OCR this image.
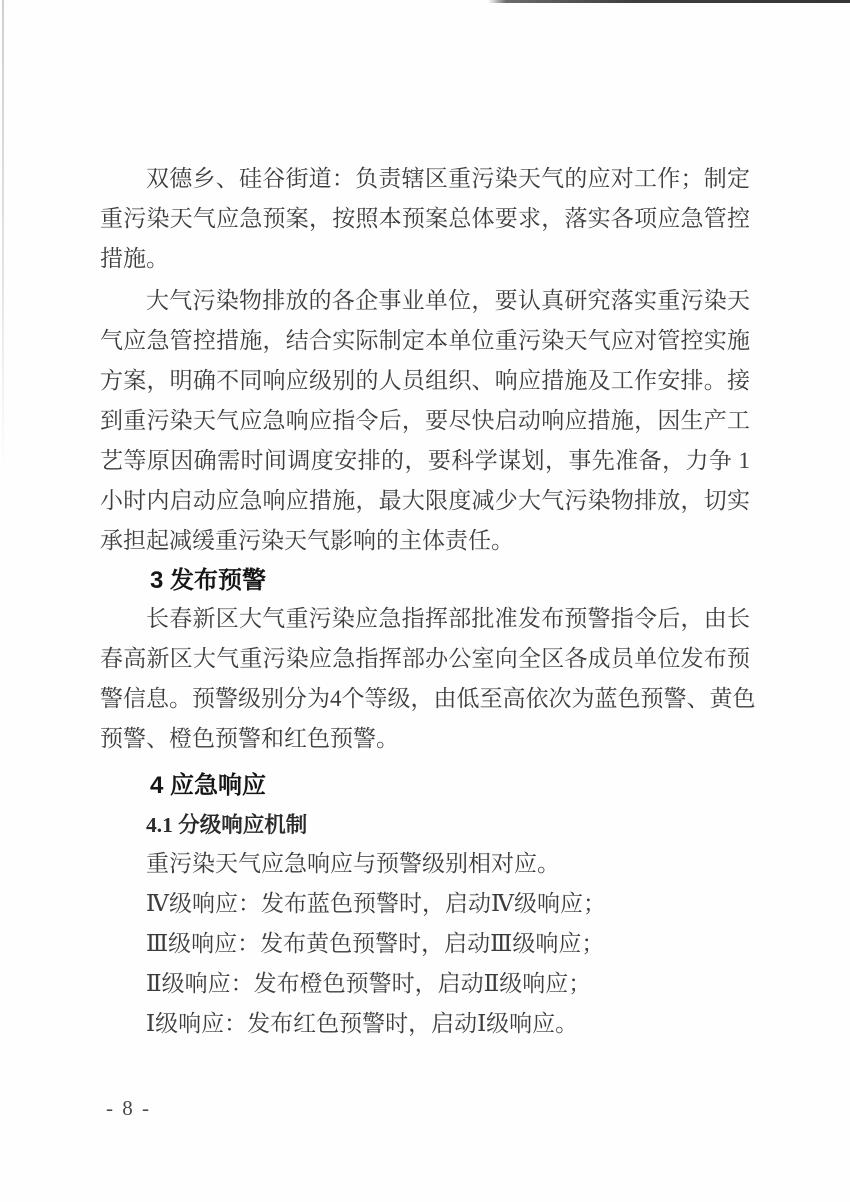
双德乡、硅谷街道：负责辖区重污染天气的应对工作；制定
重污染天气应急预案，按照本预案总体要求，落实各项应急管控
措施。
大气污染物排放的各企事业单位，要认真研究落实重污染天
气应急管控措施，结合实际制定本单位重污染天气应对管控实施
方案，明确不同响应级别的人员组织、响应措施及工作安排。接
到重污染天气应急响应指令后，要尽快启动响应措施，因生产工
艺等原因确需时间调度安排的，要科学谋划，事先准备，力争 1
小时内启动应急响应措施，最大限度减少大气污染物排放，切实
承担起减缓重污染天气影响的主体责任。
3 发布预警
长春新区大气重污染应急指挥部批准发布预警指令后，由长
春高新区大气重污染应急指挥部办公室向全区各成员单位发布预
警信息。预警级别分为4个等级，由低至高依次为蓝色预警、黄色
预警、橙色预警和红色预警。
4 应急响应
4.1 分级响应机制
重污染天气应急响应与预警级别相对应。
Ⅳ级响应：发布蓝色预警时，启动Ⅳ级响应；
Ⅲ级响应：发布黄色预警时，启动Ⅲ级响应；
Ⅱ级响应：发布橙色预警时，启动Ⅱ级响应；
Ⅰ级响应：发布红色预警时，启动Ⅰ级响应。
- 8 -
